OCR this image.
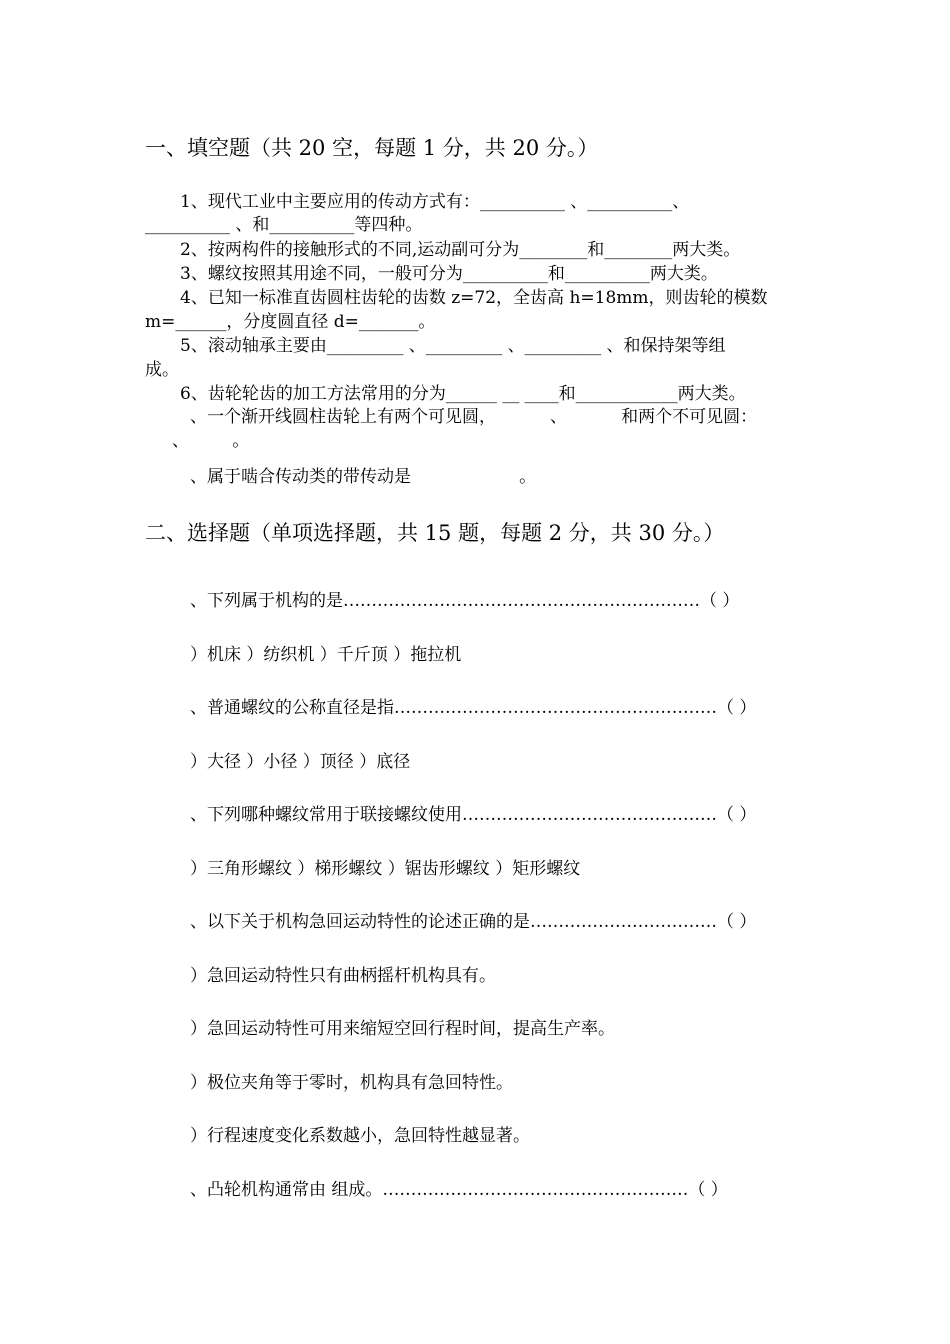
一、填空题（共 20 空，每题 1 分，共 20 分。）
1、现代工业中主要应用的传动方式有：__________ 、__________、
__________ 、和__________等四种。
2、按两构件的接触形式的不同,运动副可分为________和________两大类。
3、螺纹按照其用途不同，一般可分为__________和__________两大类。
4、已知一标准直齿圆柱齿轮的齿数 z=72，全齿高 h=18mm，则齿轮的模数
m=______，分度圆直径 d=_______。
5、滚动轴承主要由_________ 、_________ 、_________ 、和保持架等组
成。
6、齿轮轮齿的加工方法常用的分为______ __ ____和____________两大类。
、一个渐开线圆柱齿轮上有两个可见圆，          、          和两个不可见圆：
、        。
、属于啮合传动类的带传动是                    。
二、选择题（单项选择题，共 15 题，每题 2 分，共 30 分。）
、下列属于机构的是………………………………………………………（ ）
）机床 ）纺织机 ）千斤顶 ）拖拉机
、普通螺纹的公称直径是指…………………………………………………（ ）
）大径 ）小径 ）顶径 ）底径
、下列哪种螺纹常用于联接螺纹使用………………………………………（ ）
）三角形螺纹 ）梯形螺纹 ）锯齿形螺纹 ）矩形螺纹
、以下关于机构急回运动特性的论述正确的是……………………………（ ）
）急回运动特性只有曲柄摇杆机构具有。
）急回运动特性可用来缩短空回行程时间，提高生产率。
）极位夹角等于零时，机构具有急回特性。
）行程速度变化系数越小，急回特性越显著。
、凸轮机构通常由 组成。………………………………………………（ ）
